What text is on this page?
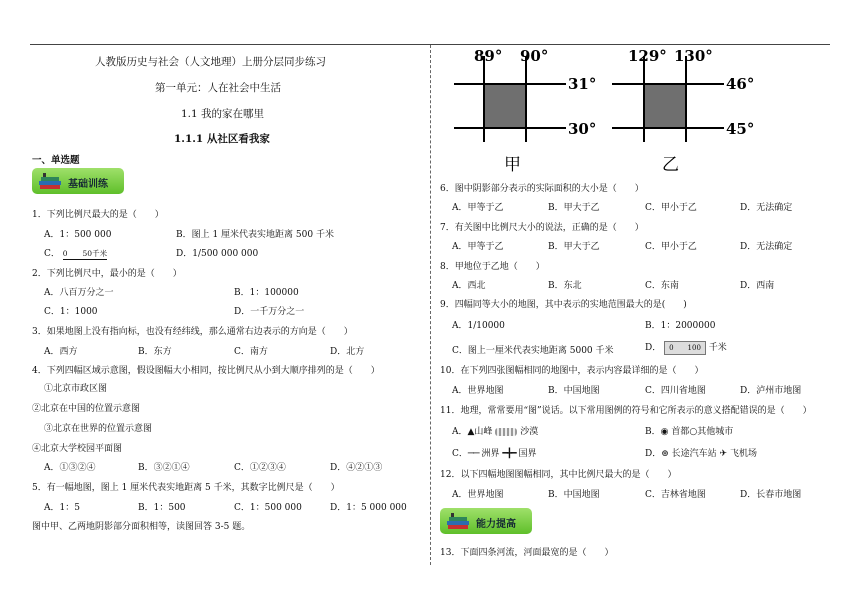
人教版历史与社会（人文地理）上册分层同步练习
第一单元：人在社会中生活
1.1 我的家在哪里
1.1.1 从社区看我家
一、单选题
基础训练
1．下列比例尺最大的是（　　）
A．1：500 000	B．图上 1 厘米代表实地距离 500 千米
C． 0　　50千米	D．1/500 000 000
2．下列比例尺中，最小的是（　　）
A．八百万分之一	B．1：100000
C．1：1000	D．一千万分之一
3．如果地图上没有指向标，也没有经纬线，那么通常右边表示的方向是（　　）
A．西方	B．东方	C．南方	D．北方
4．下列四幅区域示意图，假设图幅大小相同，按比例尺从小到大顺序排列的是（　　）
①北京市政区图
②北京在中国的位置示意图
③北京在世界的位置示意图
④北京大学校园平面图
A．①③②④	B．③②①④	C．①②③④	D．④②①③
5．有一幅地图，图上 1 厘米代表实地距离 5 千米，其数字比例尺是（　　）
A．1：5	B．1：500	C．1：500 000	D．1：5 000 000
图中甲、乙两地阴影部分面积相等，读图回答 3-5 题。
89° 90°
31°
30°
甲
129° 130°
46°
45°
乙
6．图中阴影部分表示的实际面积的大小是（　　）
A．甲等于乙	B．甲大于乙	C．甲小于乙	D．无法确定
7．有关图中比例尺大小的说法，正确的是（　　）
A．甲等于乙	B．甲大于乙	C．甲小于乙	D．无法确定
8．甲地位于乙地（　　）
A．西北	B．东北	C．东南	D．西南
9．四幅同等大小的地图，其中表示的实地范围最大的是(　　)
A．1/10000	B．1：2000000
C．图上一厘米代表实地距离 5000 千米	D． 0　　100 千米
10．在下列四张图幅相同的地图中，表示内容最详细的是（　　）
A．世界地图	B．中国地图	C．四川省地图	D．泸州市地图
11．地理，常常要用“图”说话。以下常用图例的符号和它所表示的意义搭配错误的是（　　）
A．▲山峰	沙漠	B．◉ 首都○其他城市
C．─·─ 洲界 ━╋━ 国界	D．⊛ 长途汽车站 ✈ 飞机场
12．以下四幅地图图幅相同，其中比例尺最大的是（　　）
A．世界地图	B．中国地图	C．吉林省地图	D．长春市地图
能力提高
13．下面四条河流，河面最宽的是（　　）
